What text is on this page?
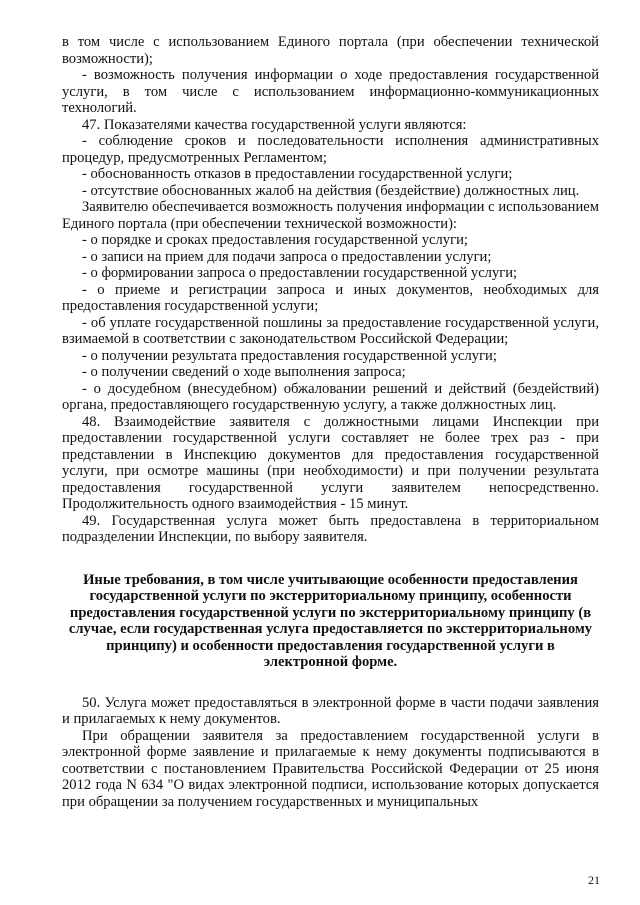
в том числе с использованием Единого портала (при обеспечении технической возможности);

- возможность получения информации о ходе предоставления государственной услуги, в том числе с использованием информационно-коммуникационных технологий.

47. Показателями качества государственной услуги являются:

- соблюдение сроков и последовательности исполнения административных процедур, предусмотренных Регламентом;

- обоснованность отказов в предоставлении государственной услуги;

- отсутствие обоснованных жалоб на действия (бездействие) должностных лиц.

Заявителю обеспечивается возможность получения информации с использованием Единого портала (при обеспечении технической возможности):

- о порядке и сроках предоставления государственной услуги;

- о записи на прием для подачи запроса о предоставлении услуги;

- о формировании запроса о предоставлении государственной услуги;

- о приеме и регистрации запроса и иных документов, необходимых для предоставления государственной услуги;

- об уплате государственной пошлины за предоставление государственной услуги, взимаемой в соответствии с законодательством Российской Федерации;

- о получении результата предоставления государственной услуги;

- о получении сведений о ходе выполнения запроса;

- о досудебном (внесудебном) обжаловании решений и действий (бездействий) органа, предоставляющего государственную услугу, а также должностных лиц.

48. Взаимодействие заявителя с должностными лицами Инспекции при предоставлении государственной услуги составляет не более трех раз - при представлении в Инспекцию документов для предоставления государственной услуги, при осмотре машины (при необходимости) и при получении результата предоставления государственной услуги заявителем непосредственно. Продолжительность одного взаимодействия - 15 минут.

49. Государственная услуга может быть предоставлена в территориальном подразделении Инспекции, по выбору заявителя.

Иные требования, в том числе учитывающие особенности предоставления государственной услуги по экстерриториальному принципу, особенности предоставления государственной услуги по экстерриториальному принципу (в случае, если государственная услуга предоставляется по экстерриториальному принципу) и особенности предоставления государственной услуги в электронной форме.

50. Услуга может предоставляться в электронной форме в части подачи заявления и прилагаемых к нему документов.

При обращении заявителя за предоставлением государственной услуги в электронной форме заявление и прилагаемые к нему документы подписываются в соответствии с постановлением Правительства Российской Федерации от 25 июня 2012 года N 634 "О видах электронной подписи, использование которых допускается при обращении за получением государственных и муниципальных

21
